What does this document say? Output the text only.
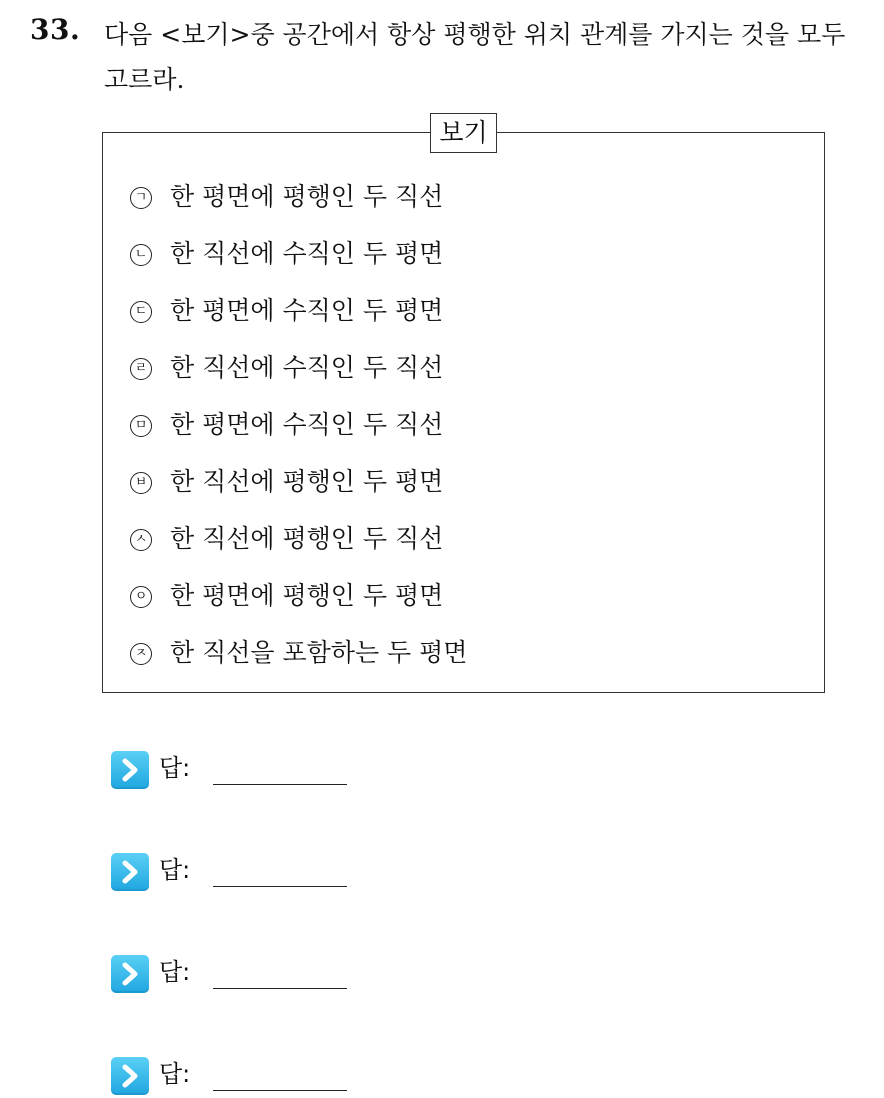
33. 다음 <보기>중 공간에서 항상 평행한 위치 관계를 가지는 것을 모두 고르라.
보기
ㄱ 한 평면에 평행인 두 직선
ㄴ 한 직선에 수직인 두 평면
ㄷ 한 평면에 수직인 두 평면
ㄹ 한 직선에 수직인 두 직선
ㅁ 한 평면에 수직인 두 직선
ㅂ 한 직선에 평행인 두 평면
ㅅ 한 직선에 평행인 두 직선
ㅇ 한 평면에 평행인 두 평면
ㅈ 한 직선을 포함하는 두 평면
답:
답:
답:
답:
